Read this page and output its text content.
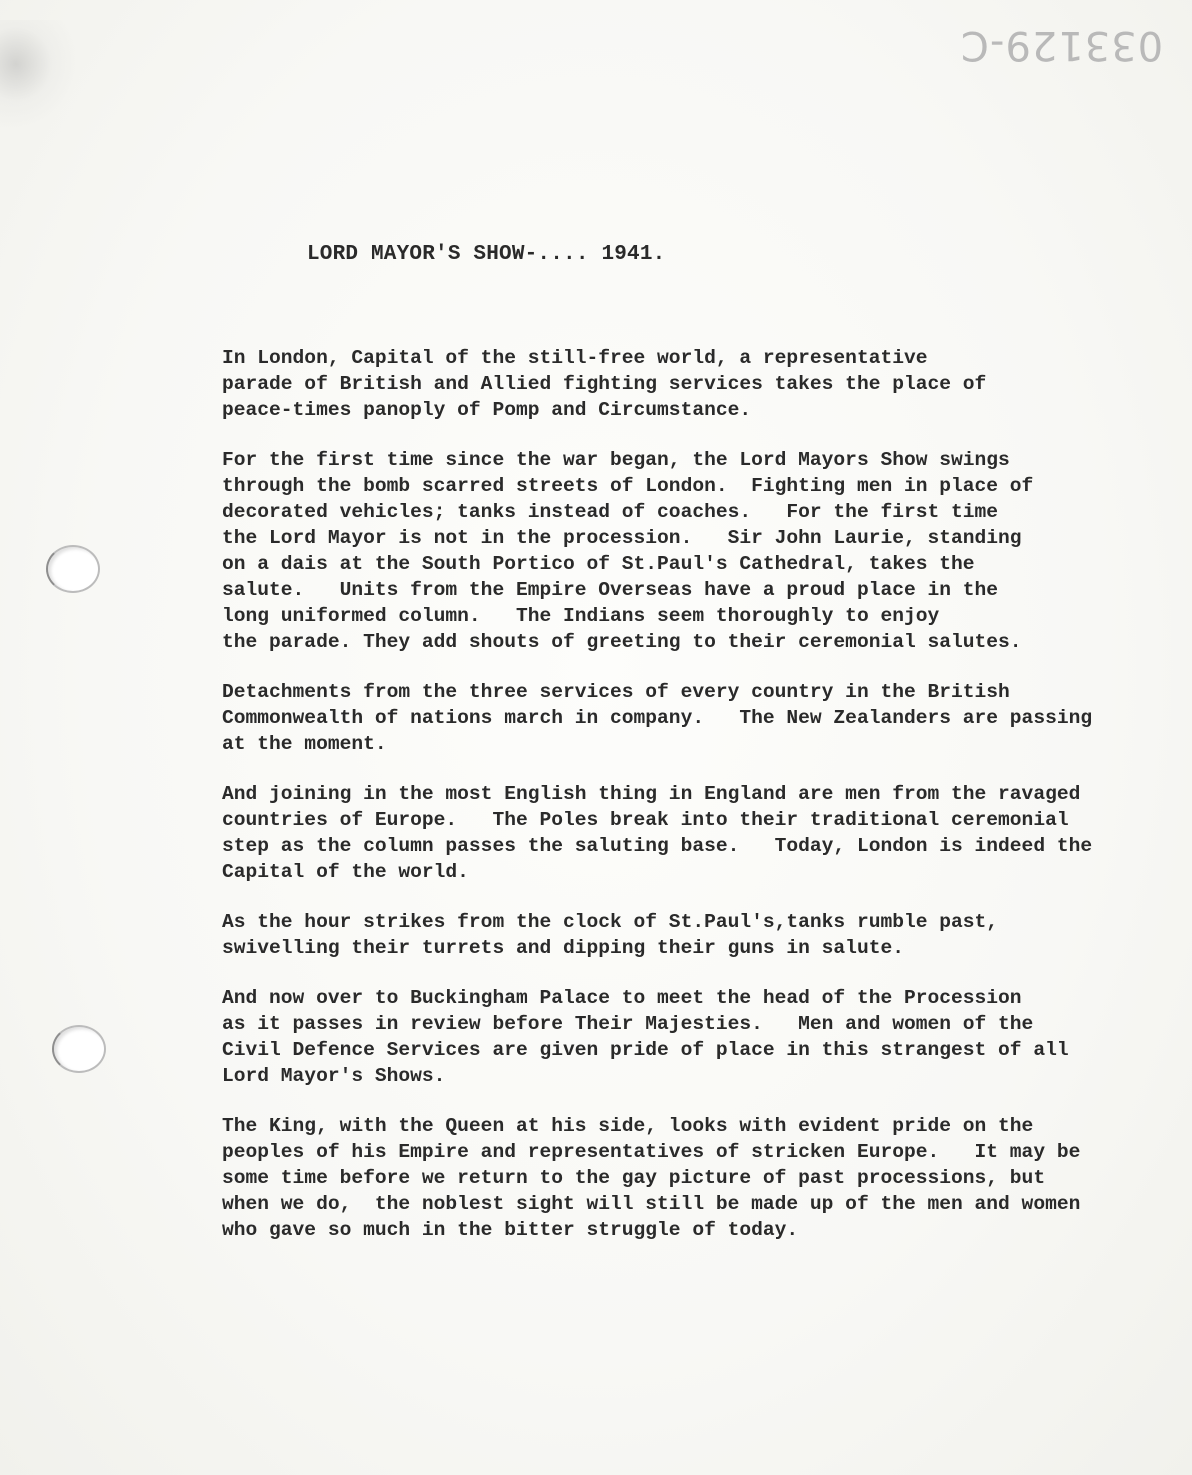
033129-C
LORD MAYOR'S SHOW-.... 1941.

In London, Capital of the still-free world, a representative
parade of British and Allied fighting services takes the place of
peace-times panoply of Pomp and Circumstance.

For the first time since the war began, the Lord Mayors Show swings
through the bomb scarred streets of London.  Fighting men in place of
decorated vehicles; tanks instead of coaches.   For the first time
the Lord Mayor is not in the procession.   Sir John Laurie, standing
on a dais at the South Portico of St.Paul's Cathedral, takes the
salute.   Units from the Empire Overseas have a proud place in the
long uniformed column.   The Indians seem thoroughly to enjoy
the parade. They add shouts of greeting to their ceremonial salutes.

Detachments from the three services of every country in the British
Commonwealth of nations march in company.   The New Zealanders are passing
at the moment.

And joining in the most English thing in England are men from the ravaged
countries of Europe.   The Poles break into their traditional ceremonial
step as the column passes the saluting base.   Today, London is indeed the
Capital of the world.

As the hour strikes from the clock of St.Paul's,tanks rumble past,
swivelling their turrets and dipping their guns in salute.

And now over to Buckingham Palace to meet the head of the Procession
as it passes in review before Their Majesties.   Men and women of the
Civil Defence Services are given pride of place in this strangest of all
Lord Mayor's Shows.

The King, with the Queen at his side, looks with evident pride on the
peoples of his Empire and representatives of stricken Europe.   It may be
some time before we return to the gay picture of past processions, but
when we do,  the noblest sight will still be made up of the men and women
who gave so much in the bitter struggle of today.
